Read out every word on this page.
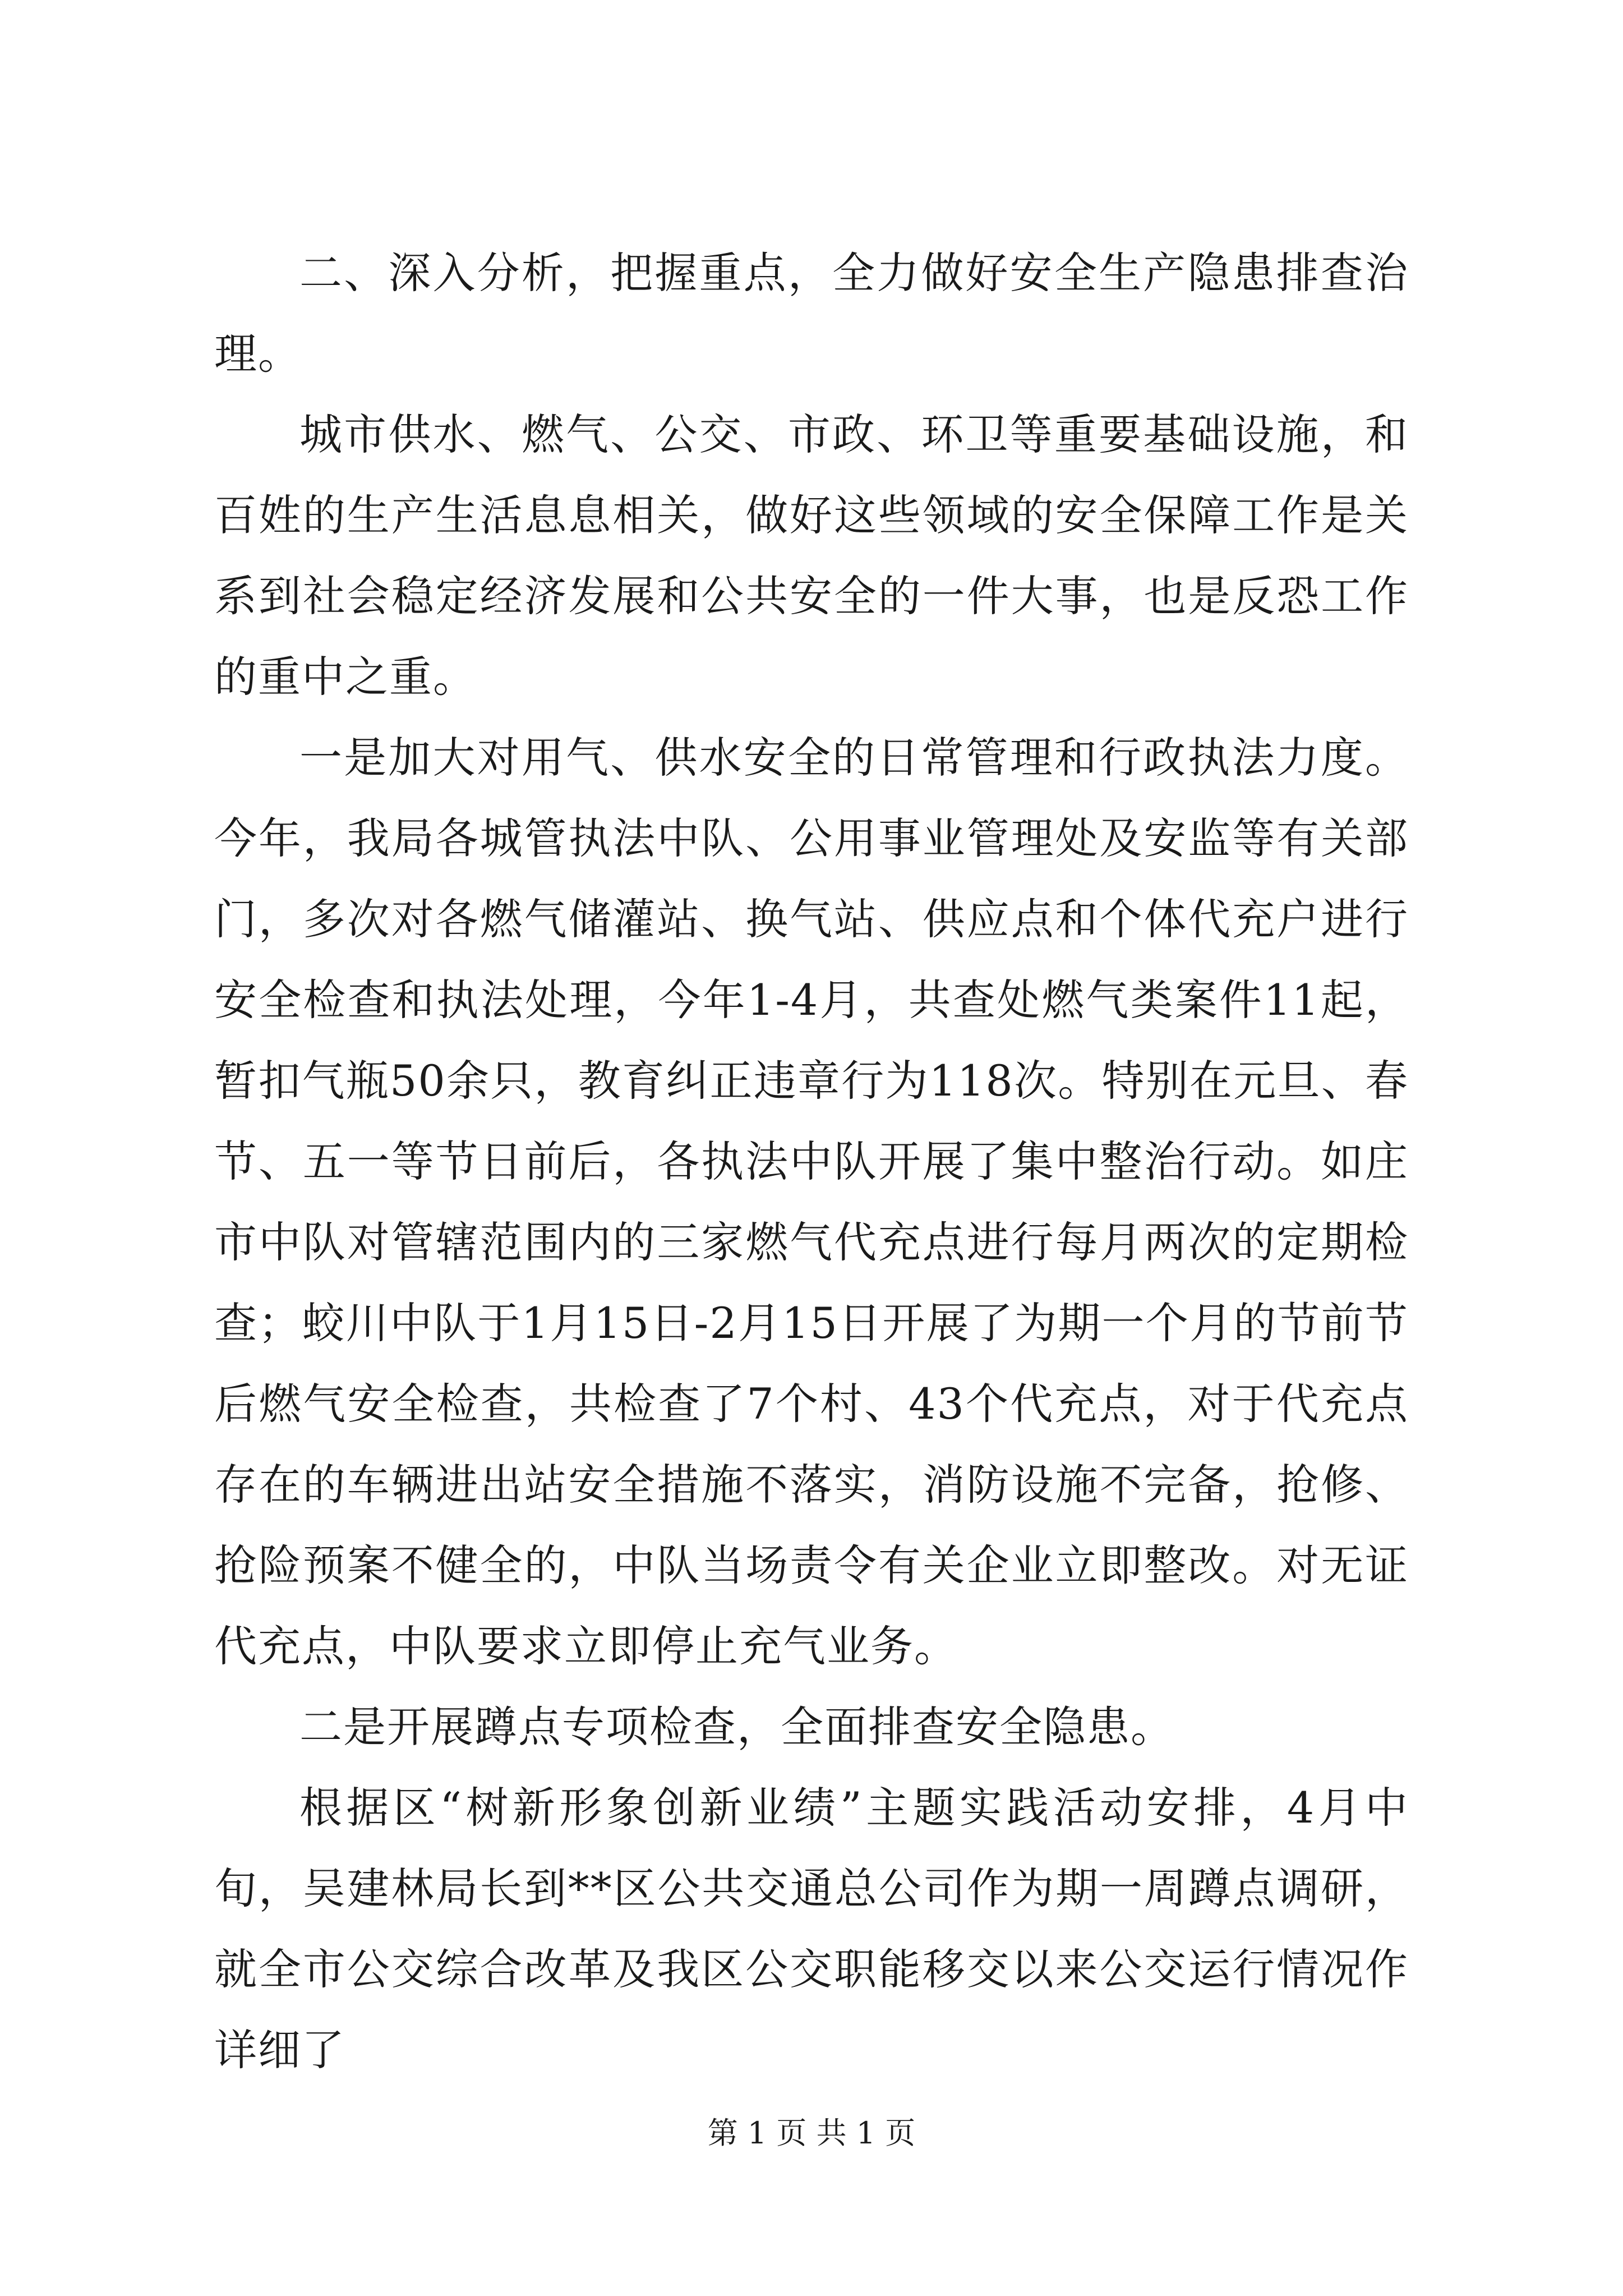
二、深入分析，把握重点，全力做好安全生产隐患排查治理。

城市供水、燃气、公交、市政、环卫等重要基础设施，和百姓的生产生活息息相关，做好这些领域的安全保障工作是关系到社会稳定经济发展和公共安全的一件大事，也是反恐工作的重中之重。

一是加大对用气、供水安全的日常管理和行政执法力度。今年，我局各城管执法中队、公用事业管理处及安监等有关部门，多次对各燃气储灌站、换气站、供应点和个体代充户进行安全检查和执法处理，今年1-4月，共查处燃气类案件11起，暂扣气瓶50余只，教育纠正违章行为118次。特别在元旦、春节、五一等节日前后，各执法中队开展了集中整治行动。如庄市中队对管辖范围内的三家燃气代充点进行每月两次的定期检查；蛟川中队于1月15日-2月15日开展了为期一个月的节前节后燃气安全检查，共检查了7个村、43个代充点，对于代充点存在的车辆进出站安全措施不落实，消防设施不完备，抢修、抢险预案不健全的，中队当场责令有关企业立即整改。对无证代充点，中队要求立即停止充气业务。

二是开展蹲点专项检查，全面排查安全隐患。

根据区“树新形象创新业绩”主题实践活动安排，4月中旬，吴建林局长到**区公共交通总公司作为期一周蹲点调研，就全市公交综合改革及我区公交职能移交以来公交运行情况作详细了

第 1 页 共 1 页
